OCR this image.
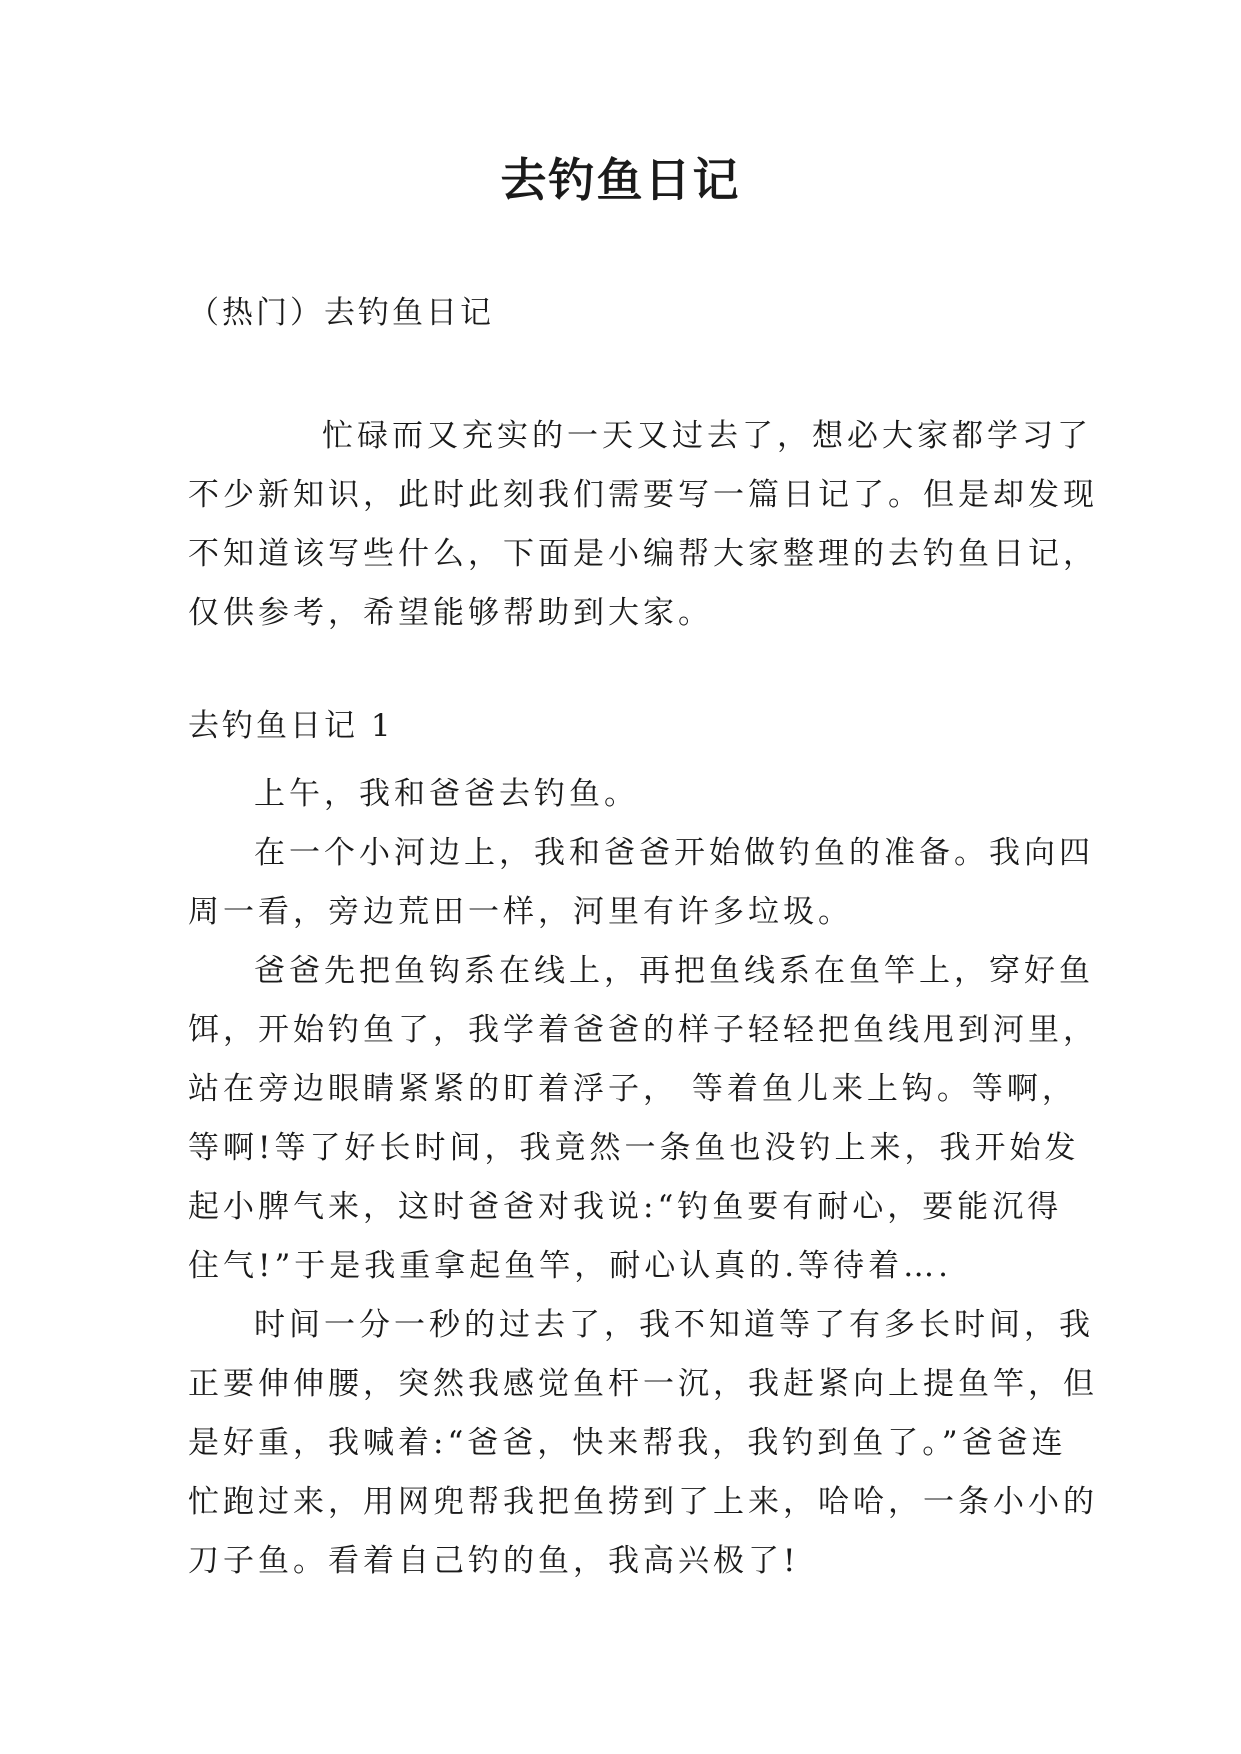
去钓鱼日记

（热门）去钓鱼日记

忙碌而又充实的一天又过去了，想必大家都学习了
不少新知识，此时此刻我们需要写一篇日记了。但是却发现
不知道该写些什么，下面是小编帮大家整理的去钓鱼日记，
仅供参考，希望能够帮助到大家。

去钓鱼日记 1

上午，我和爸爸去钓鱼。
在一个小河边上，我和爸爸开始做钓鱼的准备。我向四
周一看，旁边荒田一样，河里有许多垃圾。
爸爸先把鱼钩系在线上，再把鱼线系在鱼竿上，穿好鱼
饵，开始钓鱼了，我学着爸爸的样子轻轻把鱼线甩到河里，
站在旁边眼睛紧紧的盯着浮子， 等着鱼儿来上钩。等啊，
等啊!等了好长时间，我竟然一条鱼也没钓上来，我开始发
起小脾气来，这时爸爸对我说:“钓鱼要有耐心，要能沉得
住气!”于是我重拿起鱼竿，耐心认真的.等待着….
时间一分一秒的过去了，我不知道等了有多长时间，我
正要伸伸腰，突然我感觉鱼杆一沉，我赶紧向上提鱼竿，但
是好重，我喊着:“爸爸，快来帮我，我钓到鱼了。”爸爸连
忙跑过来，用网兜帮我把鱼捞到了上来，哈哈，一条小小的
刀子鱼。看着自己钓的鱼，我高兴极了!
